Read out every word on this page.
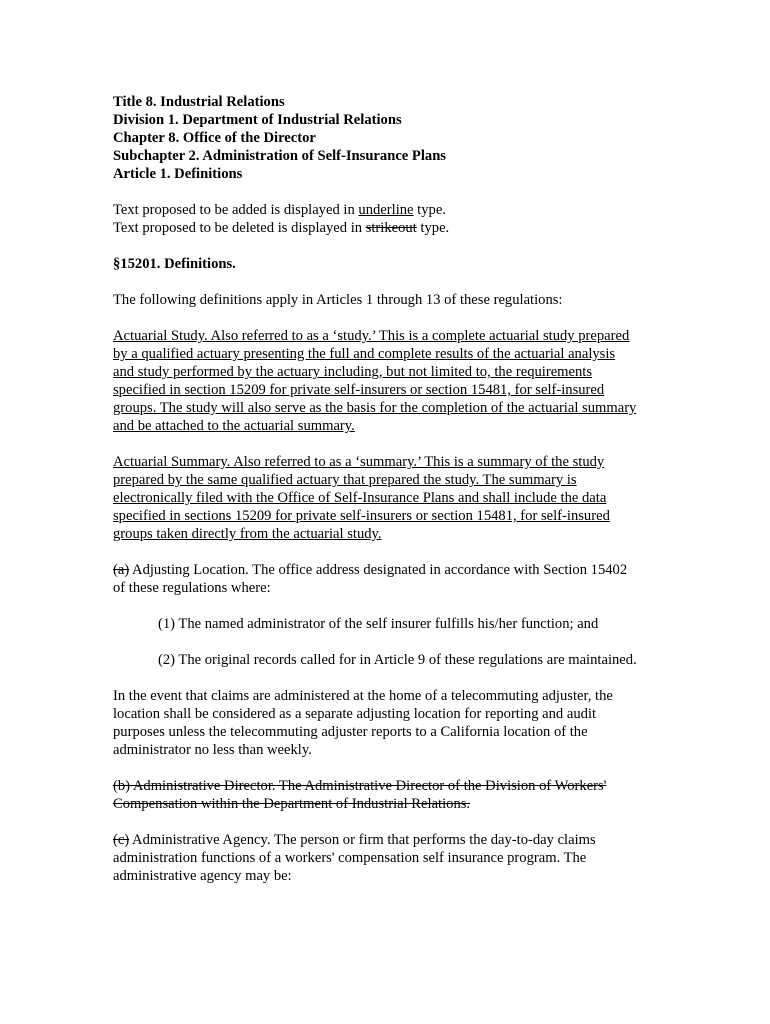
Title 8. Industrial Relations
Division 1. Department of Industrial Relations
Chapter 8. Office of the Director
Subchapter 2. Administration of Self-Insurance Plans
Article 1. Definitions

Text proposed to be added is displayed in underline type.

Text proposed to be deleted is displayed in strikeout type.

§15201. Definitions.

The following definitions apply in Articles 1 through 13 of these regulations:

Actuarial Study. Also referred to as a ‘study.’ This is a complete actuarial study prepared
by a qualified actuary presenting the full and complete results of the actuarial analysis
and study performed by the actuary including, but not limited to, the requirements
specified in section 15209 for private self-insurers or section 15481, for self-insured
groups. The study will also serve as the basis for the completion of the actuarial summary
and be attached to the actuarial summary.
Actuarial Summary. Also referred to as a ‘summary.’ This is a summary of the study
prepared by the same qualified actuary that prepared the study. The summary is
electronically filed with the Office of Self-Insurance Plans and shall include the data
specified in sections 15209 for private self-insurers or section 15481, for self-insured
groups taken directly from the actuarial study.
(a) Adjusting Location. The office address designated in accordance with Section 15402
of these regulations where:

(1) The named administrator of the self insurer fulfills his/her function; and

(2) The original records called for in Article 9 of these regulations are maintained.

In the event that claims are administered at the home of a telecommuting adjuster, the
location shall be considered as a separate adjusting location for reporting and audit
purposes unless the telecommuting adjuster reports to a California location of the
administrator no less than weekly.
(b) Administrative Director. The Administrative Director of the Division of Workers'
Compensation within the Department of Industrial Relations.
(c) Administrative Agency. The person or firm that performs the day-to-day claims
administration functions of a workers' compensation self insurance program. The
administrative agency may be:
